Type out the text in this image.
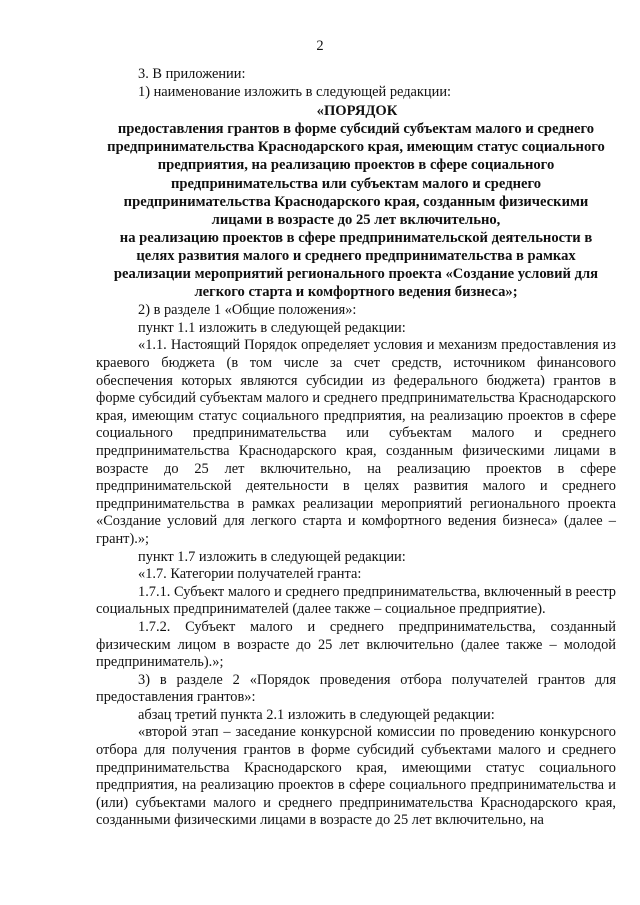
2

3. В приложении:

1) наименование изложить в следующей редакции:

«ПОРЯДОК

предоставления грантов в форме субсидий субъектам малого и среднего предпринимательства Краснодарского края, имеющим статус социального предприятия, на реализацию проектов в сфере социального предпринимательства или субъектам малого и среднего предпринимательства Краснодарского края, созданным физическими лицами в возрасте до 25 лет включительно,

на реализацию проектов в сфере предпринимательской деятельности в целях развития малого и среднего предпринимательства в рамках реализации мероприятий регионального проекта «Создание условий для легкого старта и комфортного ведения бизнеса»;

2) в разделе 1 «Общие положения»:

пункт 1.1 изложить в следующей редакции:

«1.1. Настоящий Порядок определяет условия и механизм предоставления из краевого бюджета (в том числе за счет средств, источником финансового обеспечения которых являются субсидии из федерального бюджета) грантов в форме субсидий субъектам малого и среднего предпринимательства Краснодарского края, имеющим статус социального предприятия, на реализацию проектов в сфере социального предпринимательства или субъектам малого и среднего предпринимательства Краснодарского края, созданным физическими лицами в возрасте до 25 лет включительно, на реализацию проектов в сфере предпринимательской деятельности в целях развития малого и среднего предпринимательства в рамках реализации мероприятий регионального проекта «Создание условий для легкого старта и комфортного ведения бизнеса» (далее – грант).»;

пункт 1.7 изложить в следующей редакции:

«1.7. Категории получателей гранта:

1.7.1. Субъект малого и среднего предпринимательства, включенный в реестр социальных предпринимателей (далее также – социальное предприятие).

1.7.2. Субъект малого и среднего предпринимательства, созданный физическим лицом в возрасте до 25 лет включительно (далее также – молодой предприниматель).»;

3) в разделе 2 «Порядок проведения отбора получателей грантов для предоставления грантов»:

абзац третий пункта 2.1 изложить в следующей редакции:

«второй этап – заседание конкурсной комиссии по проведению конкурсного отбора для получения грантов в форме субсидий субъектами малого и среднего предпринимательства Краснодарского края, имеющими статус социального предприятия, на реализацию проектов в сфере социального предпринимательства и (или) субъектами малого и среднего предпринимательства Краснодарского края, созданными физическими лицами в возрасте до 25 лет включительно, на
